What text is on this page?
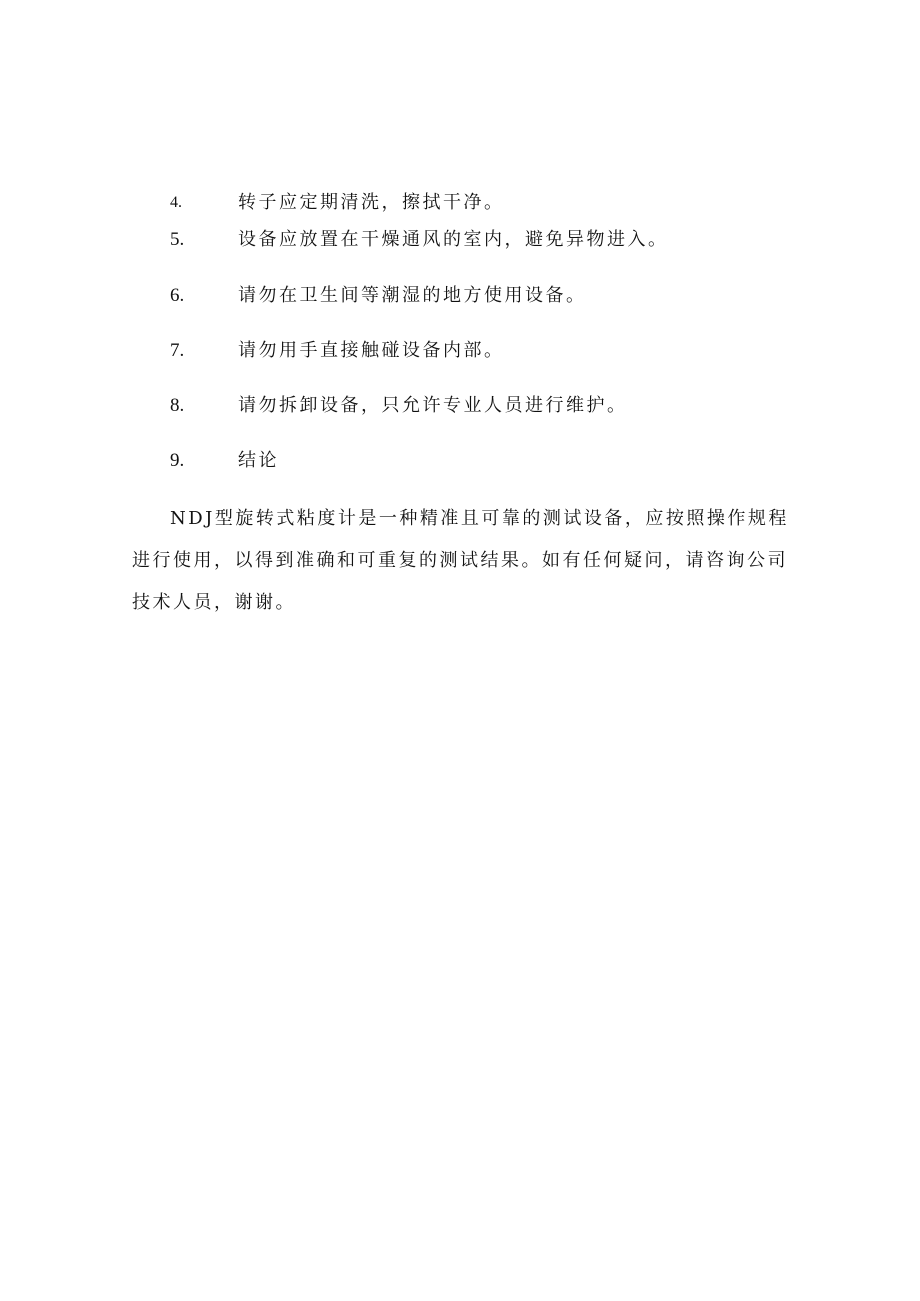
4.	转子应定期清洗，擦拭干净。
5.	设备应放置在干燥通风的室内，避免异物进入。
6.	请勿在卫生间等潮湿的地方使用设备。
7.	请勿用手直接触碰设备内部。
8.	请勿拆卸设备，只允许专业人员进行维护。
9.	结论

NDJ型旋转式粘度计是一种精准且可靠的测试设备，应按照操作规程进行使用，以得到准确和可重复的测试结果。如有任何疑问，请咨询公司技术人员，谢谢。
